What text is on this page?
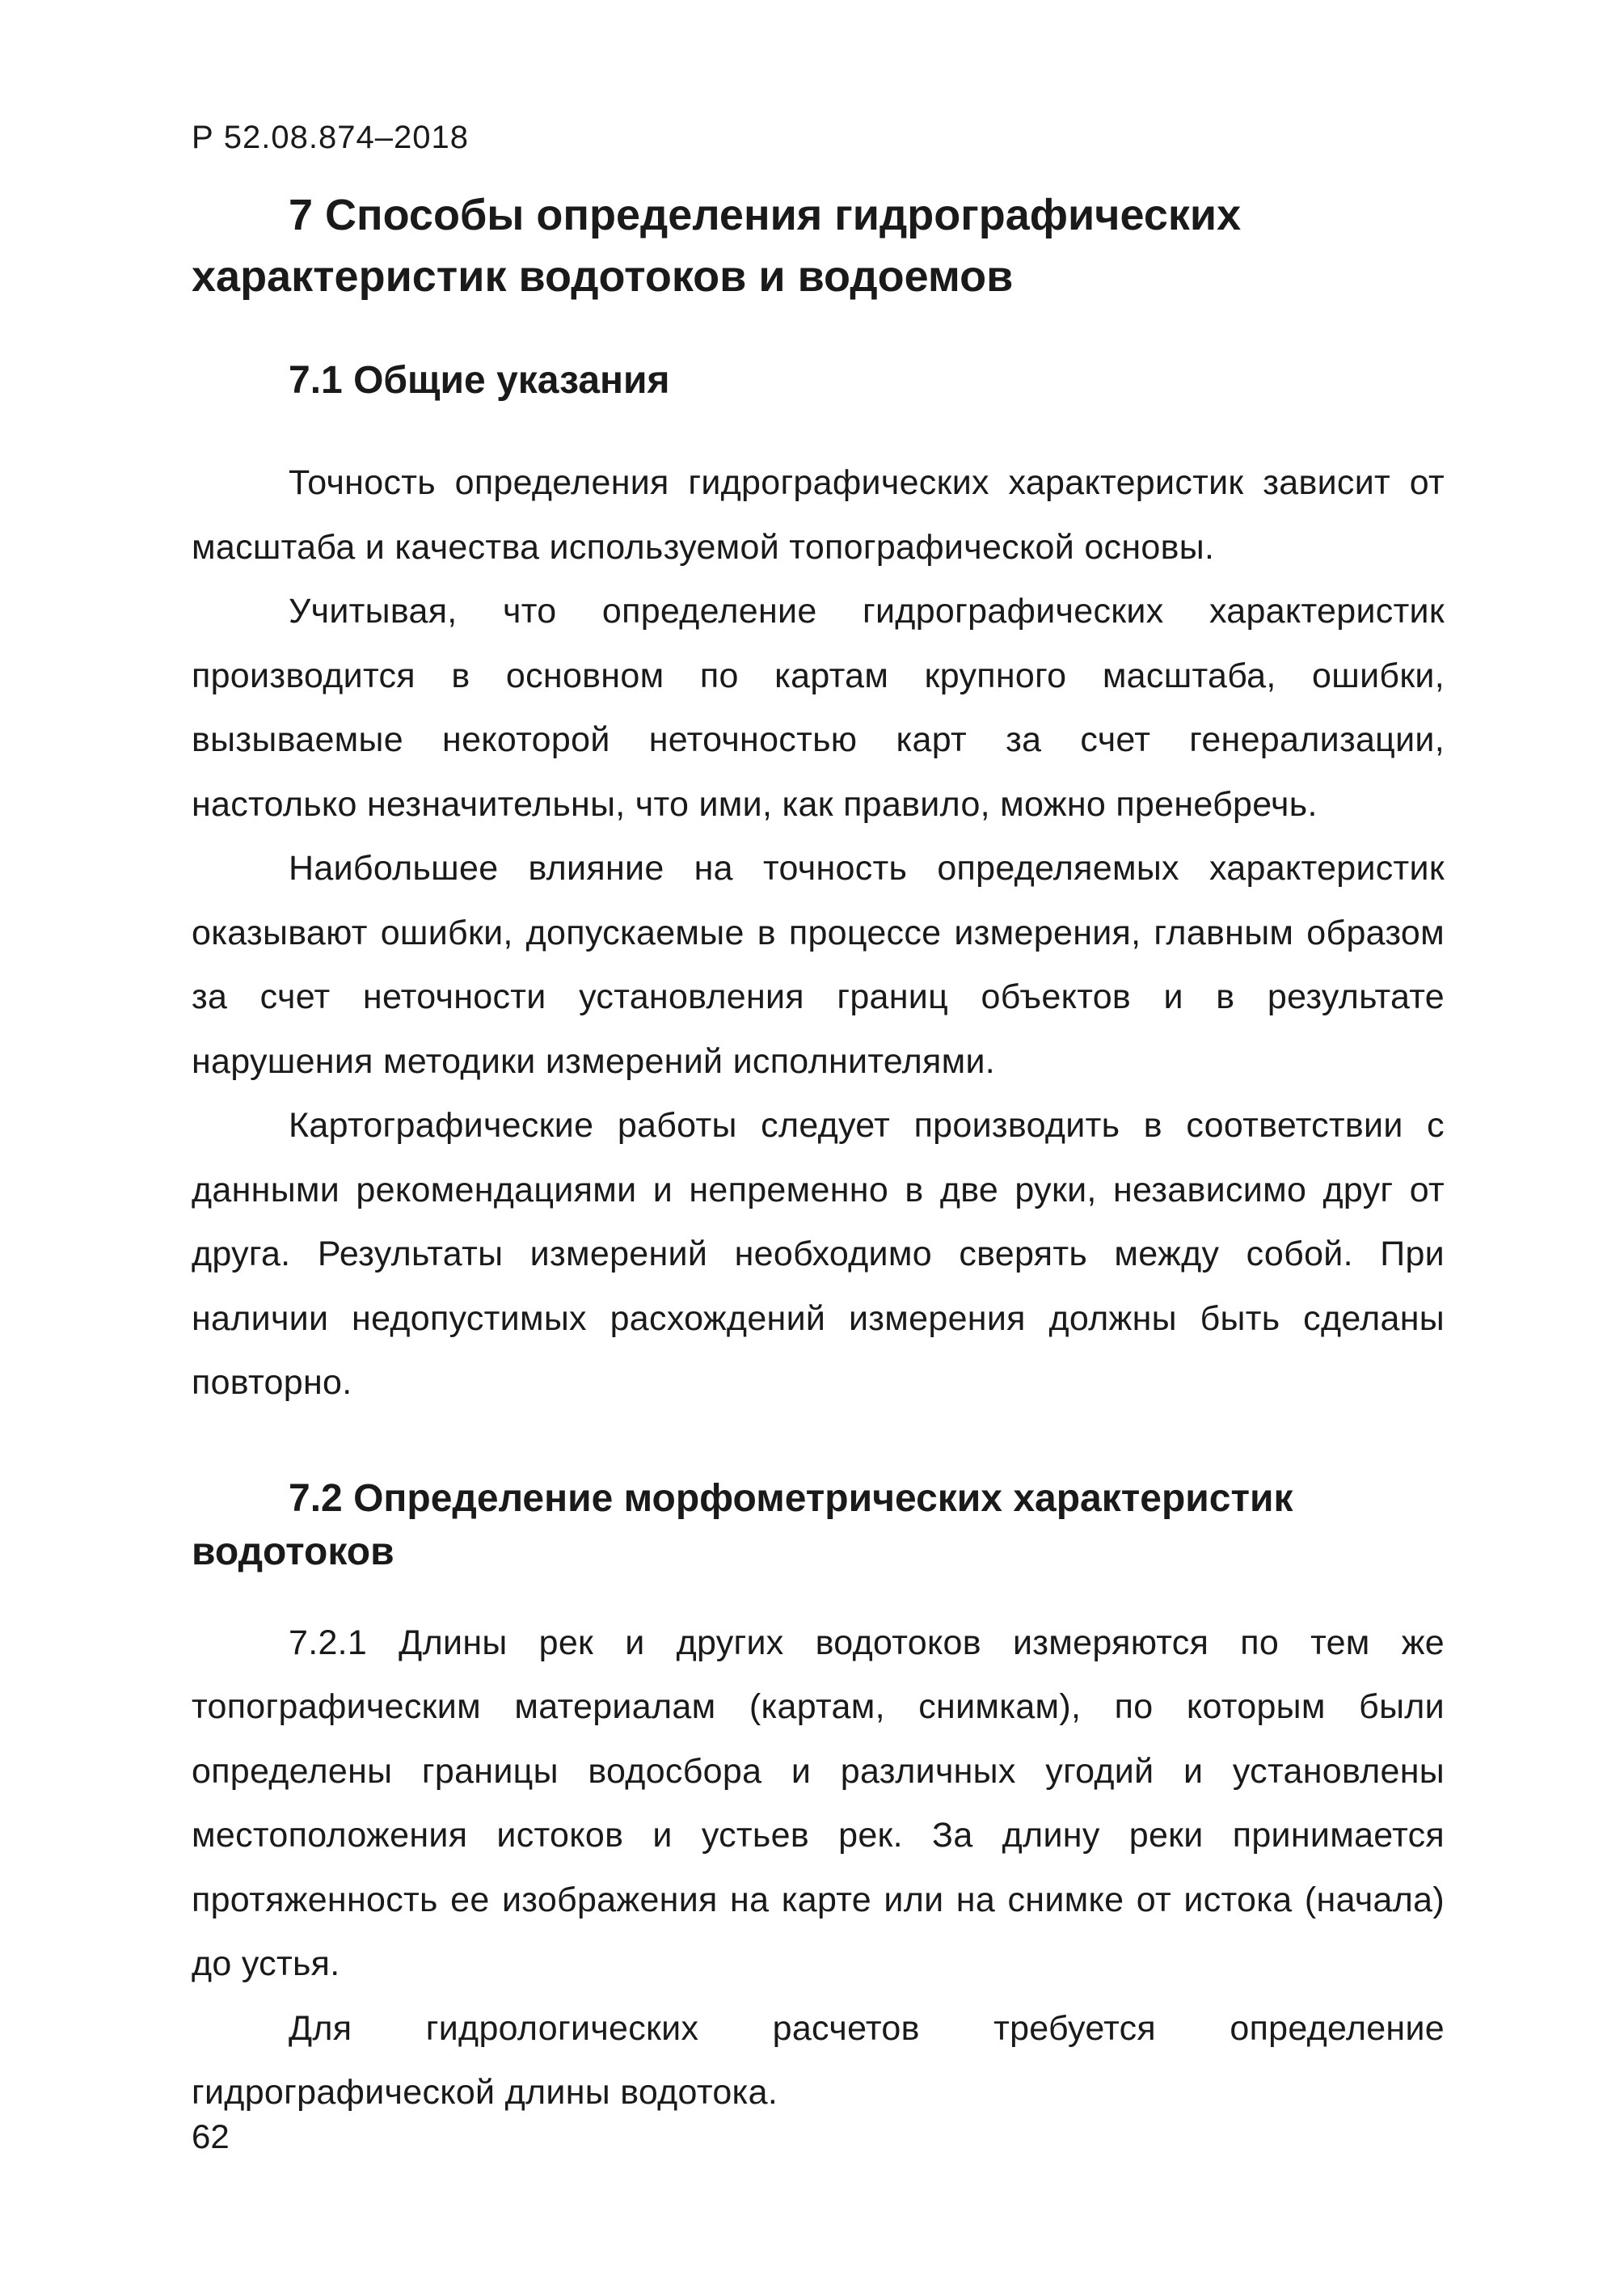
Р 52.08.874–2018
7 Способы определения гидрографических характеристик водотоков и водоемов
7.1 Общие указания

Точность определения гидрографических характеристик зависит от масштаба и качества используемой топографической основы.

Учитывая, что определение гидрографических характеристик производится в основном по картам крупного масштаба, ошибки, вызываемые некоторой неточностью карт за счет генерализации, настолько незначительны, что ими, как правило, можно пренебречь.

Наибольшее влияние на точность определяемых характеристик оказывают ошибки, допускаемые в процессе измерения, главным образом за счет неточности установления границ объектов и в результате нарушения методики измерений исполнителями.

Картографические работы следует производить в соответствии с данными рекомендациями и непременно в две руки, независимо друг от друга. Результаты измерений необходимо сверять между собой. При наличии недопустимых расхождений измерения должны быть сделаны повторно.

7.2 Определение морфометрических характеристик водотоков

7.2.1 Длины рек и других водотоков измеряются по тем же топографическим материалам (картам, снимкам), по которым были определены границы водосбора и различных угодий и установлены местоположения истоков и устьев рек. За длину реки принимается протяженность ее изображения на карте или на снимке от истока (начала) до устья.

Для гидрологических расчетов требуется определение гидрографической длины водотока.

62
